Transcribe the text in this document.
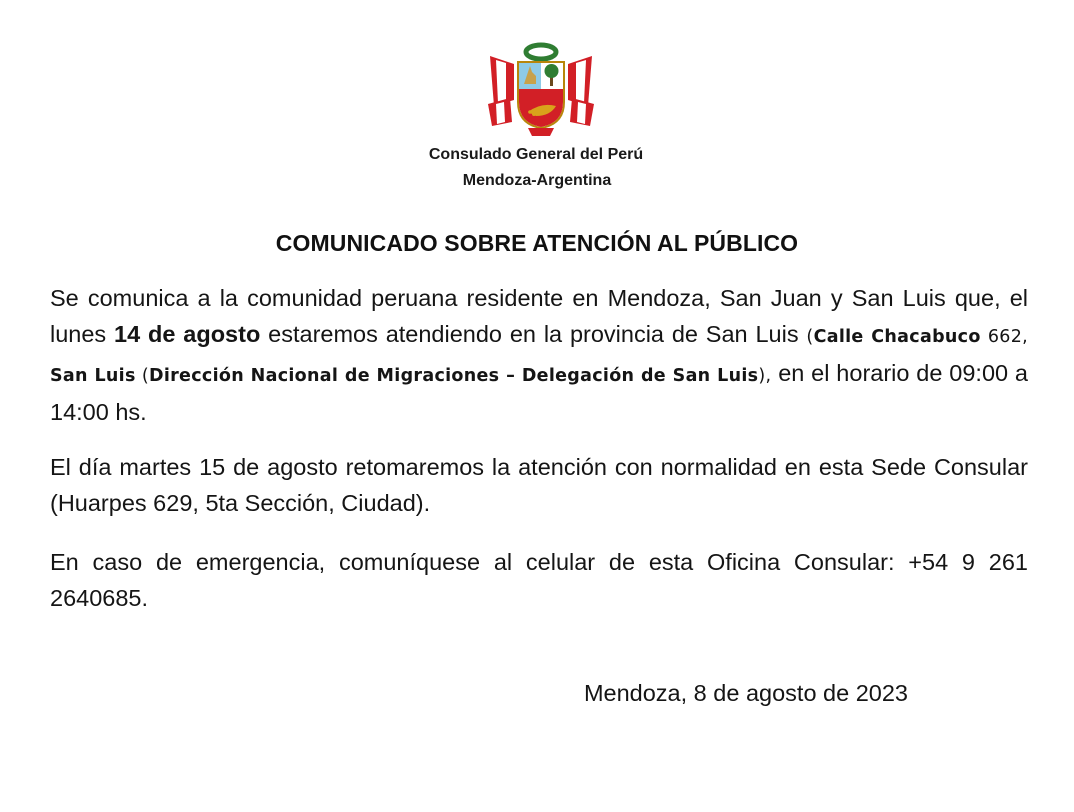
Consulado General del Perú
Mendoza-Argentina
COMUNICADO SOBRE ATENCIÓN AL PÚBLICO
Se comunica a la comunidad peruana residente en Mendoza, San Juan y San Luis que, el lunes 14 de agosto estaremos atendiendo en la provincia de San Luis (Calle Chacabuco 662, San Luis (Dirección Nacional de Migraciones – Delegación de San Luis), en el horario de 09:00 a 14:00 hs.
El día martes 15 de agosto retomaremos la atención con normalidad en esta Sede Consular (Huarpes 629, 5ta Sección, Ciudad).
En caso de emergencia, comuníquese al celular de esta Oficina Consular: +54 9 261 2640685.
Mendoza, 8 de agosto de 2023
